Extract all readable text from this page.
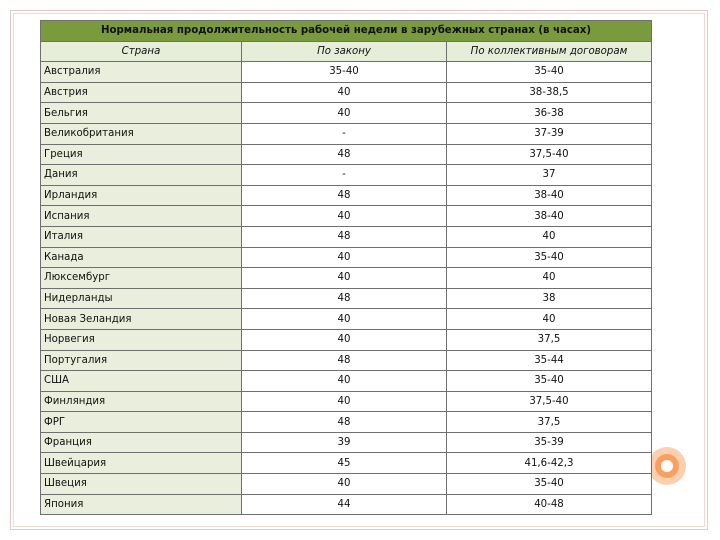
Нормальная продолжительность рабочей недели в зарубежных странах (в часах)		
Страна	По закону	По коллективным договорам
Австралия	35-40	35-40
Австрия	40	38-38,5
Бельгия	40	36-38
Великобритания	-	37-39
Греция	48	37,5-40
Дания	-	37
Ирландия	48	38-40
Испания	40	38-40
Италия	48	40
Канада	40	35-40
Люксембург	40	40
Нидерланды	48	38
Новая Зеландия	40	40
Норвегия	40	37,5
Португалия	48	35-44
США	40	35-40
Финляндия	40	37,5-40
ФРГ	48	37,5
Франция	39	35-39
Швейцария	45	41,6-42,3
Швеция	40	35-40
Япония	44	40-48
